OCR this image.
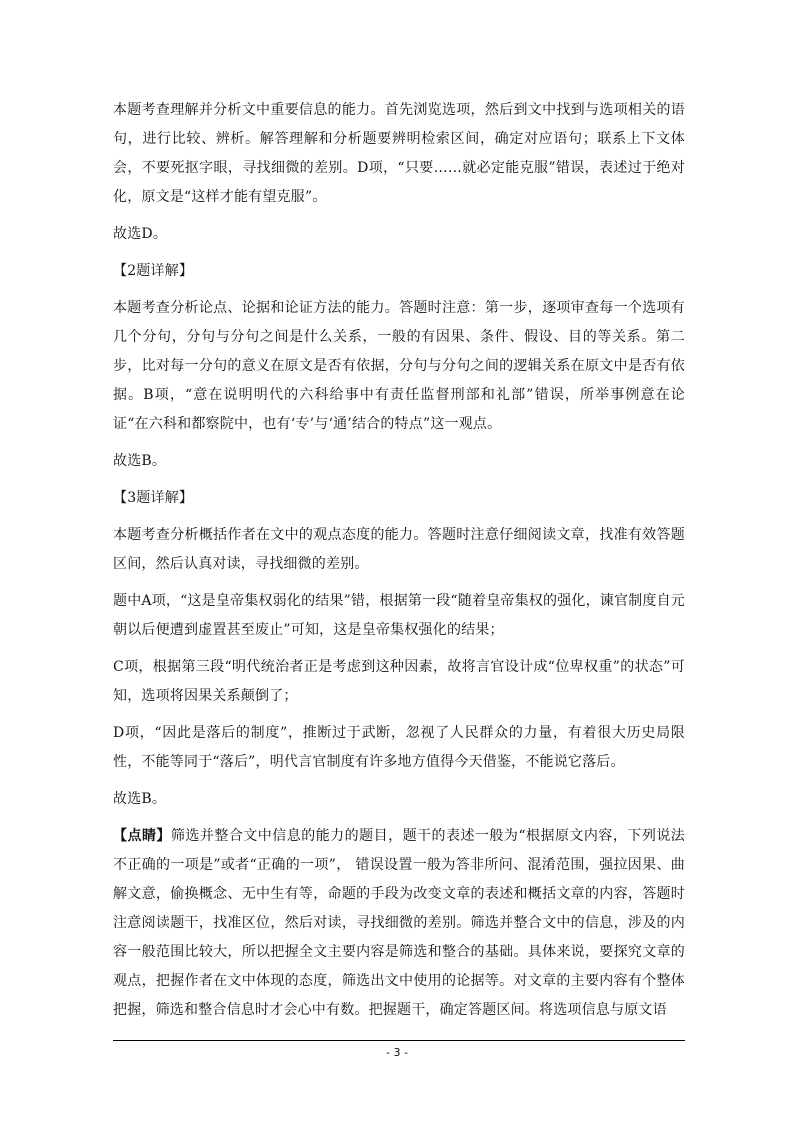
本题考查理解并分析文中重要信息的能力。首先浏览选项，然后到文中找到与选项相关的语句，进行比较、辨析。解答理解和分析题要辨明检索区间，确定对应语句；联系上下文体会，不要死抠字眼，寻找细微的差别。D项，“只要……就必定能克服”错误，表述过于绝对化，原文是“这样才能有望克服”。

故选D。

【2题详解】

本题考查分析论点、论据和论证方法的能力。答题时注意：第一步，逐项审查每一个选项有几个分句，分句与分句之间是什么关系，一般的有因果、条件、假设、目的等关系。第二步，比对每一分句的意义在原文是否有依据，分句与分句之间的逻辑关系在原文中是否有依据。B项，“意在说明明代的六科给事中有责任监督刑部和礼部”错误，所举事例意在论证“在六科和都察院中，也有‘专’与‘通’结合的特点”这一观点。

故选B。

【3题详解】

本题考查分析概括作者在文中的观点态度的能力。答题时注意仔细阅读文章，找准有效答题区间，然后认真对读，寻找细微的差别。

题中A项，“这是皇帝集权弱化的结果”错，根据第一段“随着皇帝集权的强化，谏官制度自元朝以后便遭到虚置甚至废止”可知，这是皇帝集权强化的结果；

C项，根据第三段“明代统治者正是考虑到这种因素，故将言官设计成“位卑权重”的状态”可知，选项将因果关系颠倒了；

D项，“因此是落后的制度”，推断过于武断，忽视了人民群众的力量，有着很大历史局限性，不能等同于“落后”，明代言官制度有许多地方值得今天借鉴，不能说它落后。

故选B。

【点睛】筛选并整合文中信息的能力的题目，题干的表述一般为“根据原文内容，下列说法不正确的一项是”或者“正确的一项”， 错误设置一般为答非所问、混淆范围，强拉因果、曲解文意，偷换概念、无中生有等，命题的手段为改变文章的表述和概括文章的内容，答题时注意阅读题干，找准区位，然后对读，寻找细微的差别。筛选并整合文中的信息，涉及的内容一般范围比较大，所以把握全文主要内容是筛选和整合的基础。具体来说，要探究文章的观点，把握作者在文中体现的态度，筛选出文中使用的论据等。对文章的主要内容有个整体把握，筛选和整合信息时才会心中有数。把握题干，确定答题区间。将选项信息与原文语

- 3 -
